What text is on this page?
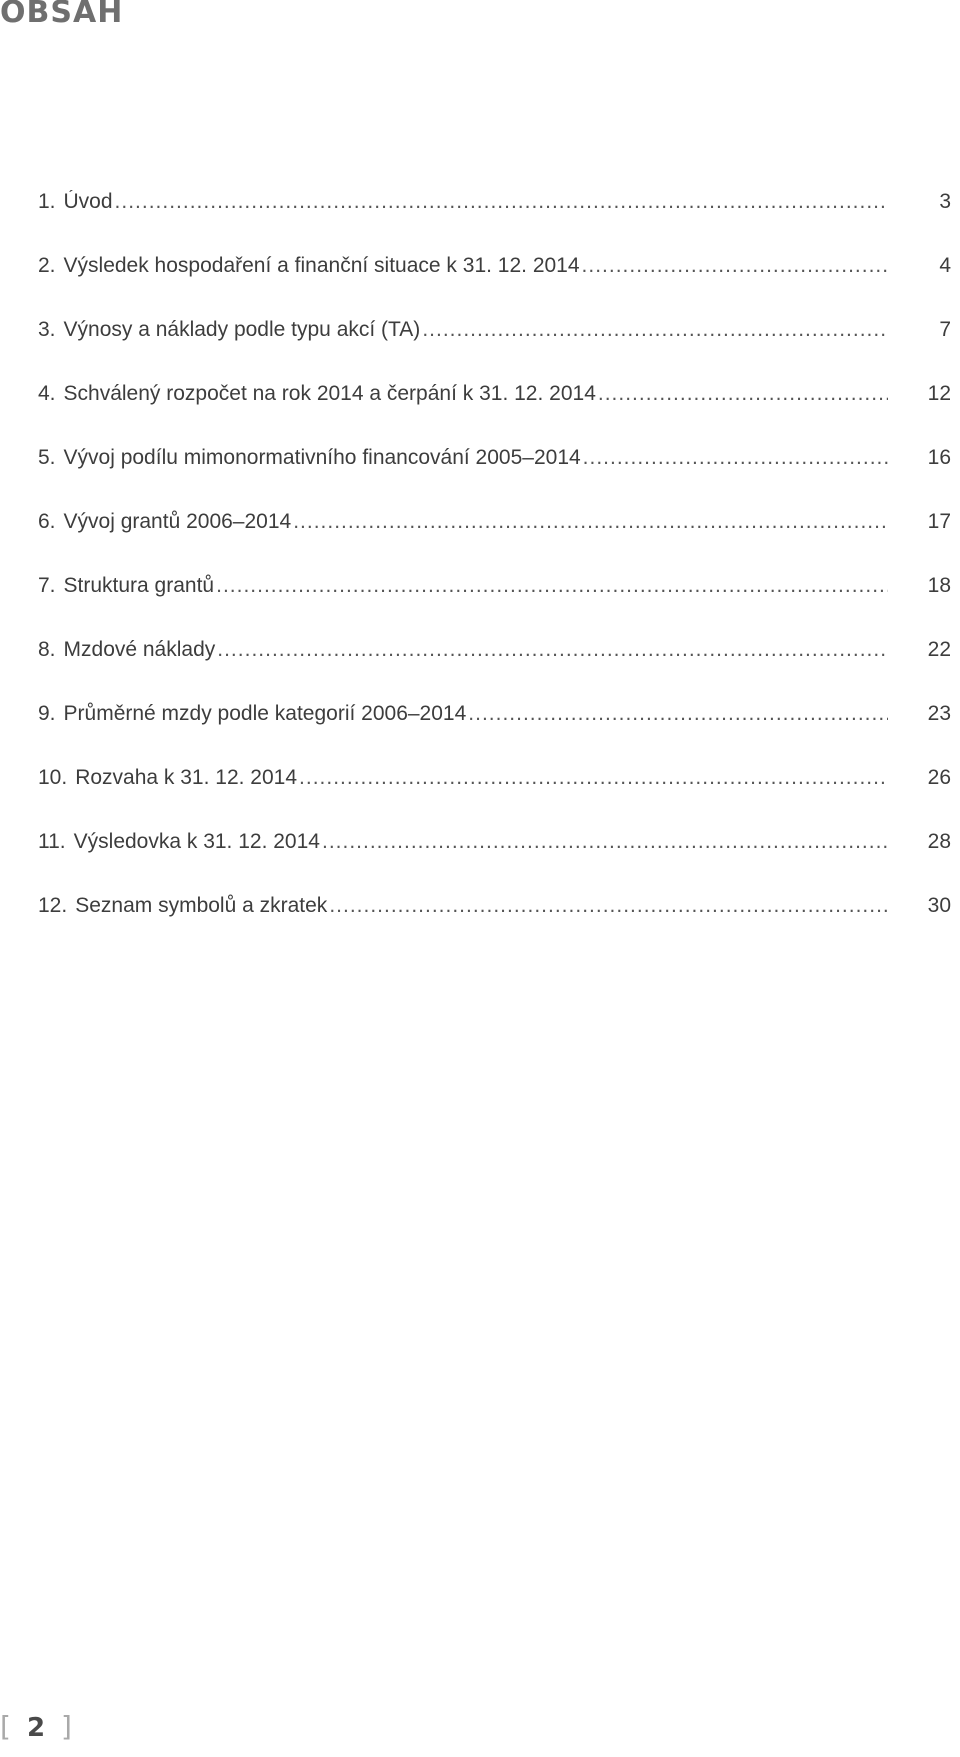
OBSAH
1. Úvod .....	3
2. Výsledek hospodaření a finanční situace k 31. 12. 2014 .....	4
3. Výnosy a náklady podle typu akcí (TA) .....	7
4. Schválený rozpočet na rok 2014 a čerpání k 31. 12. 2014 .....	12
5. Vývoj podílu mimonormativního financování 2005–2014 .....	16
6. Vývoj grantů 2006–2014 .....	17
7. Struktura grantů .....	18
8. Mzdové náklady .....	22
9. Průměrné mzdy podle kategorií 2006–2014 .....	23
10. Rozvaha k 31. 12. 2014 .....	26
11. Výsledovka k 31. 12. 2014 .....	28
12. Seznam symbolů a zkratek .....	30
[ 2 ]
